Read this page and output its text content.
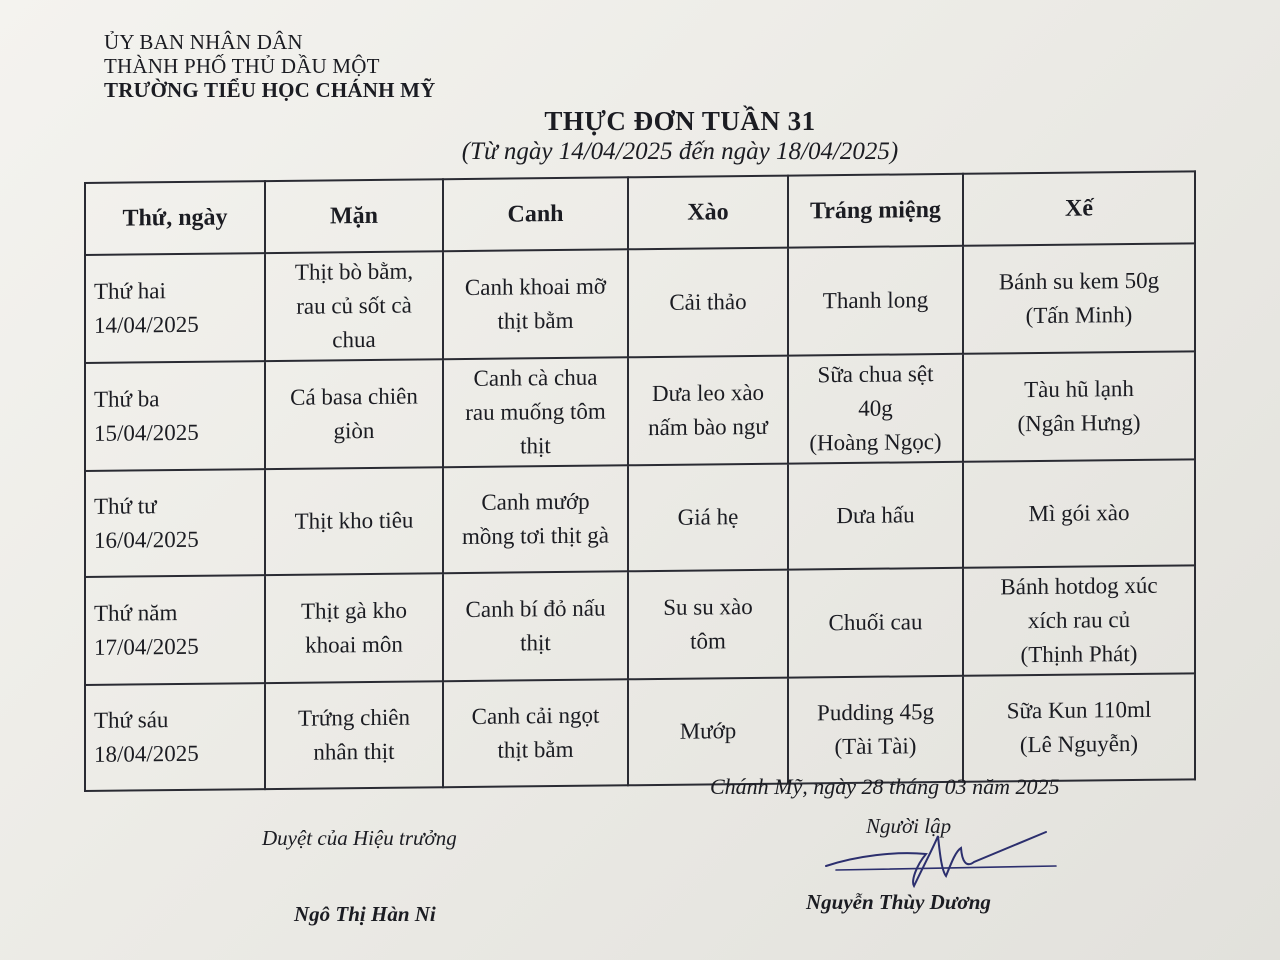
ỦY BAN NHÂN DÂN
THÀNH PHỐ THỦ DẦU MỘT
TRƯỜNG TIỂU HỌC CHÁNH MỸ
THỰC ĐƠN TUẦN 31
(Từ ngày 14/04/2025 đến ngày 18/04/2025)
Thứ, ngày	Mặn	Canh	Xào	Tráng miệng	Xế

Thứ hai
14/04/2025	Thịt bò bằm,
rau củ sốt cà
chua	Canh khoai mỡ
thịt bằm	Cải thảo	Thanh long	Bánh su kem 50g
(Tấn Minh)

Thứ ba
15/04/2025	Cá basa chiên
giòn	Canh cà chua
rau muống tôm
thịt	Dưa leo xào
nấm bào ngư	Sữa chua sệt
40g
(Hoàng Ngọc)	Tàu hũ lạnh
(Ngân Hưng)

Thứ tư
16/04/2025	Thịt kho tiêu	Canh mướp
mồng tơi thịt gà	Giá hẹ	Dưa hấu	Mì gói xào

Thứ năm
17/04/2025	Thịt gà kho
khoai môn	Canh bí đỏ nấu
thịt	Su su xào
tôm	Chuối cau	Bánh hotdog xúc
xích rau củ
(Thịnh Phát)

Thứ sáu
18/04/2025	Trứng chiên
nhân thịt	Canh cải ngọt
thịt bằm	Mướp	Pudding 45g
(Tài Tài)	Sữa Kun 110ml
(Lê Nguyễn)
Chánh Mỹ, ngày 28 tháng 03 năm 2025
Duyệt của Hiệu trưởng	Người lập
Ngô Thị Hàn Ni	Nguyễn Thùy Dương
